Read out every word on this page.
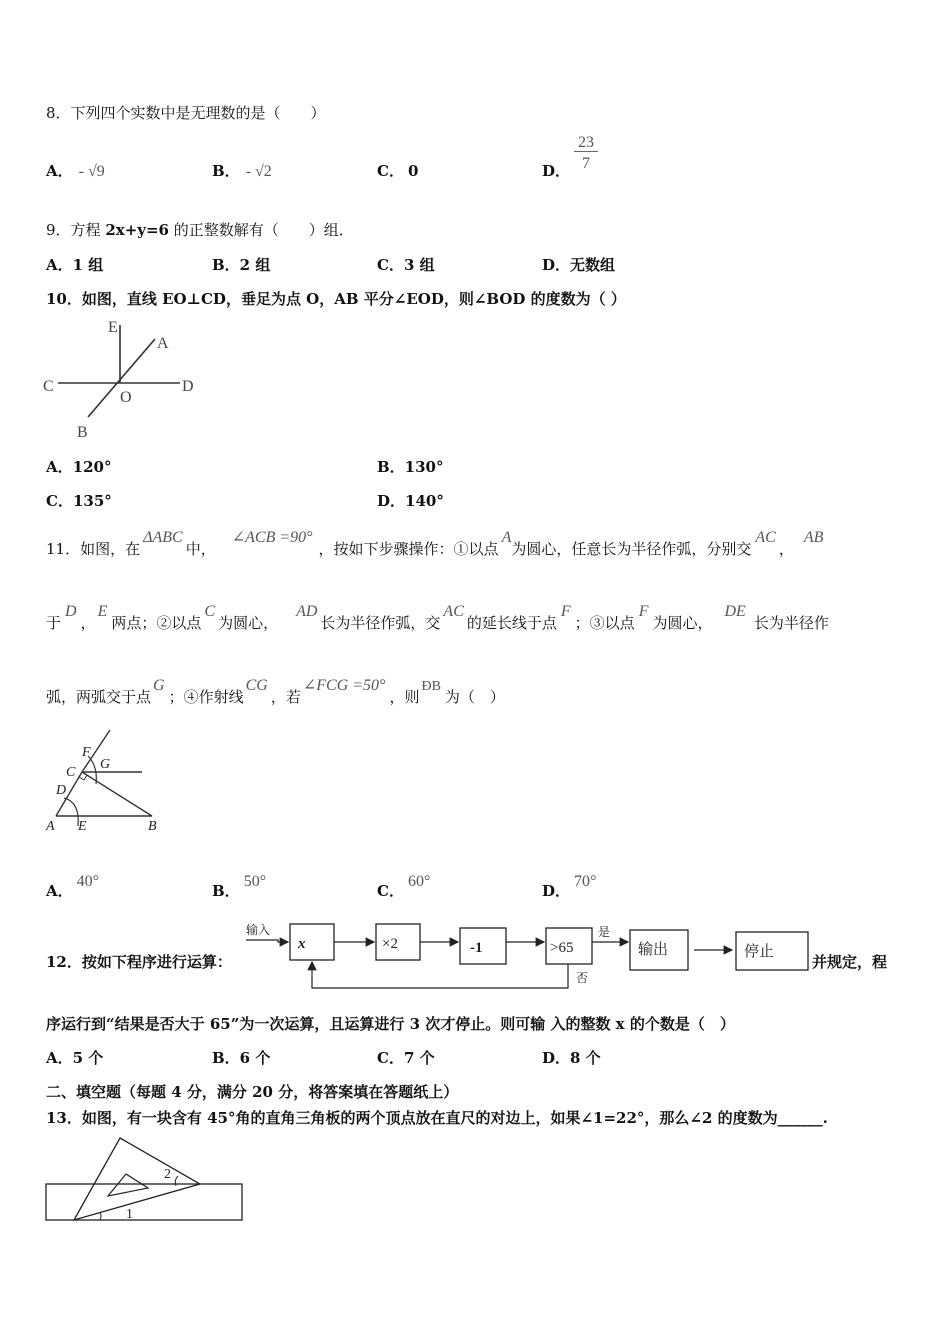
8．下列四个实数中是无理数的是（　　）
A． - √9	B． - √2	C． 0	D． $\frac{23}{7}$
9．方程 2x+y=6 的正整数解有（　　）组．
A．1 组	B．2 组	C．3 组	D．无数组
10．如图，直线 EO⊥CD，垂足为点 O，AB 平分∠EOD，则∠BOD 的度数为（ ）
E
A
C
O
D
B
A．120°	B．130°
C．135°	D．140°
11．如图，在ΔABC中，∠ACB =90°，按如下步骤操作：①以点A为圆心，任意长为半径作弧，分别交AC，AB
于D，E两点；②以点C为圆心，AD长为半径作弧，交AC的延长线于点F；③以点F为圆心，DE长为半径作
弧，两弧交于点G；④作射线CG，若∠FCG =50°，则ÐB为（　）
F
G
C
D
A E	B
A．40°
B．50°
C．60°
D．70°
12．按如下程序进行运算：
输入
x	×2	-1	>65
是
否
输出	停止
并规定，程
序运行到“结果是否大于 65”为一次运算，且运算进行 3 次才停止。则可输 入的整数 x 的个数是（　）
A．5 个	B．6 个	C．7 个	D．8 个
二、填空题（每题 4 分，满分 20 分，将答案填在答题纸上）
13．如图，有一块含有 45°角的直角三角板的两个顶点放在直尺的对边上，如果∠1=22°，那么∠2 的度数为______.
1
2
